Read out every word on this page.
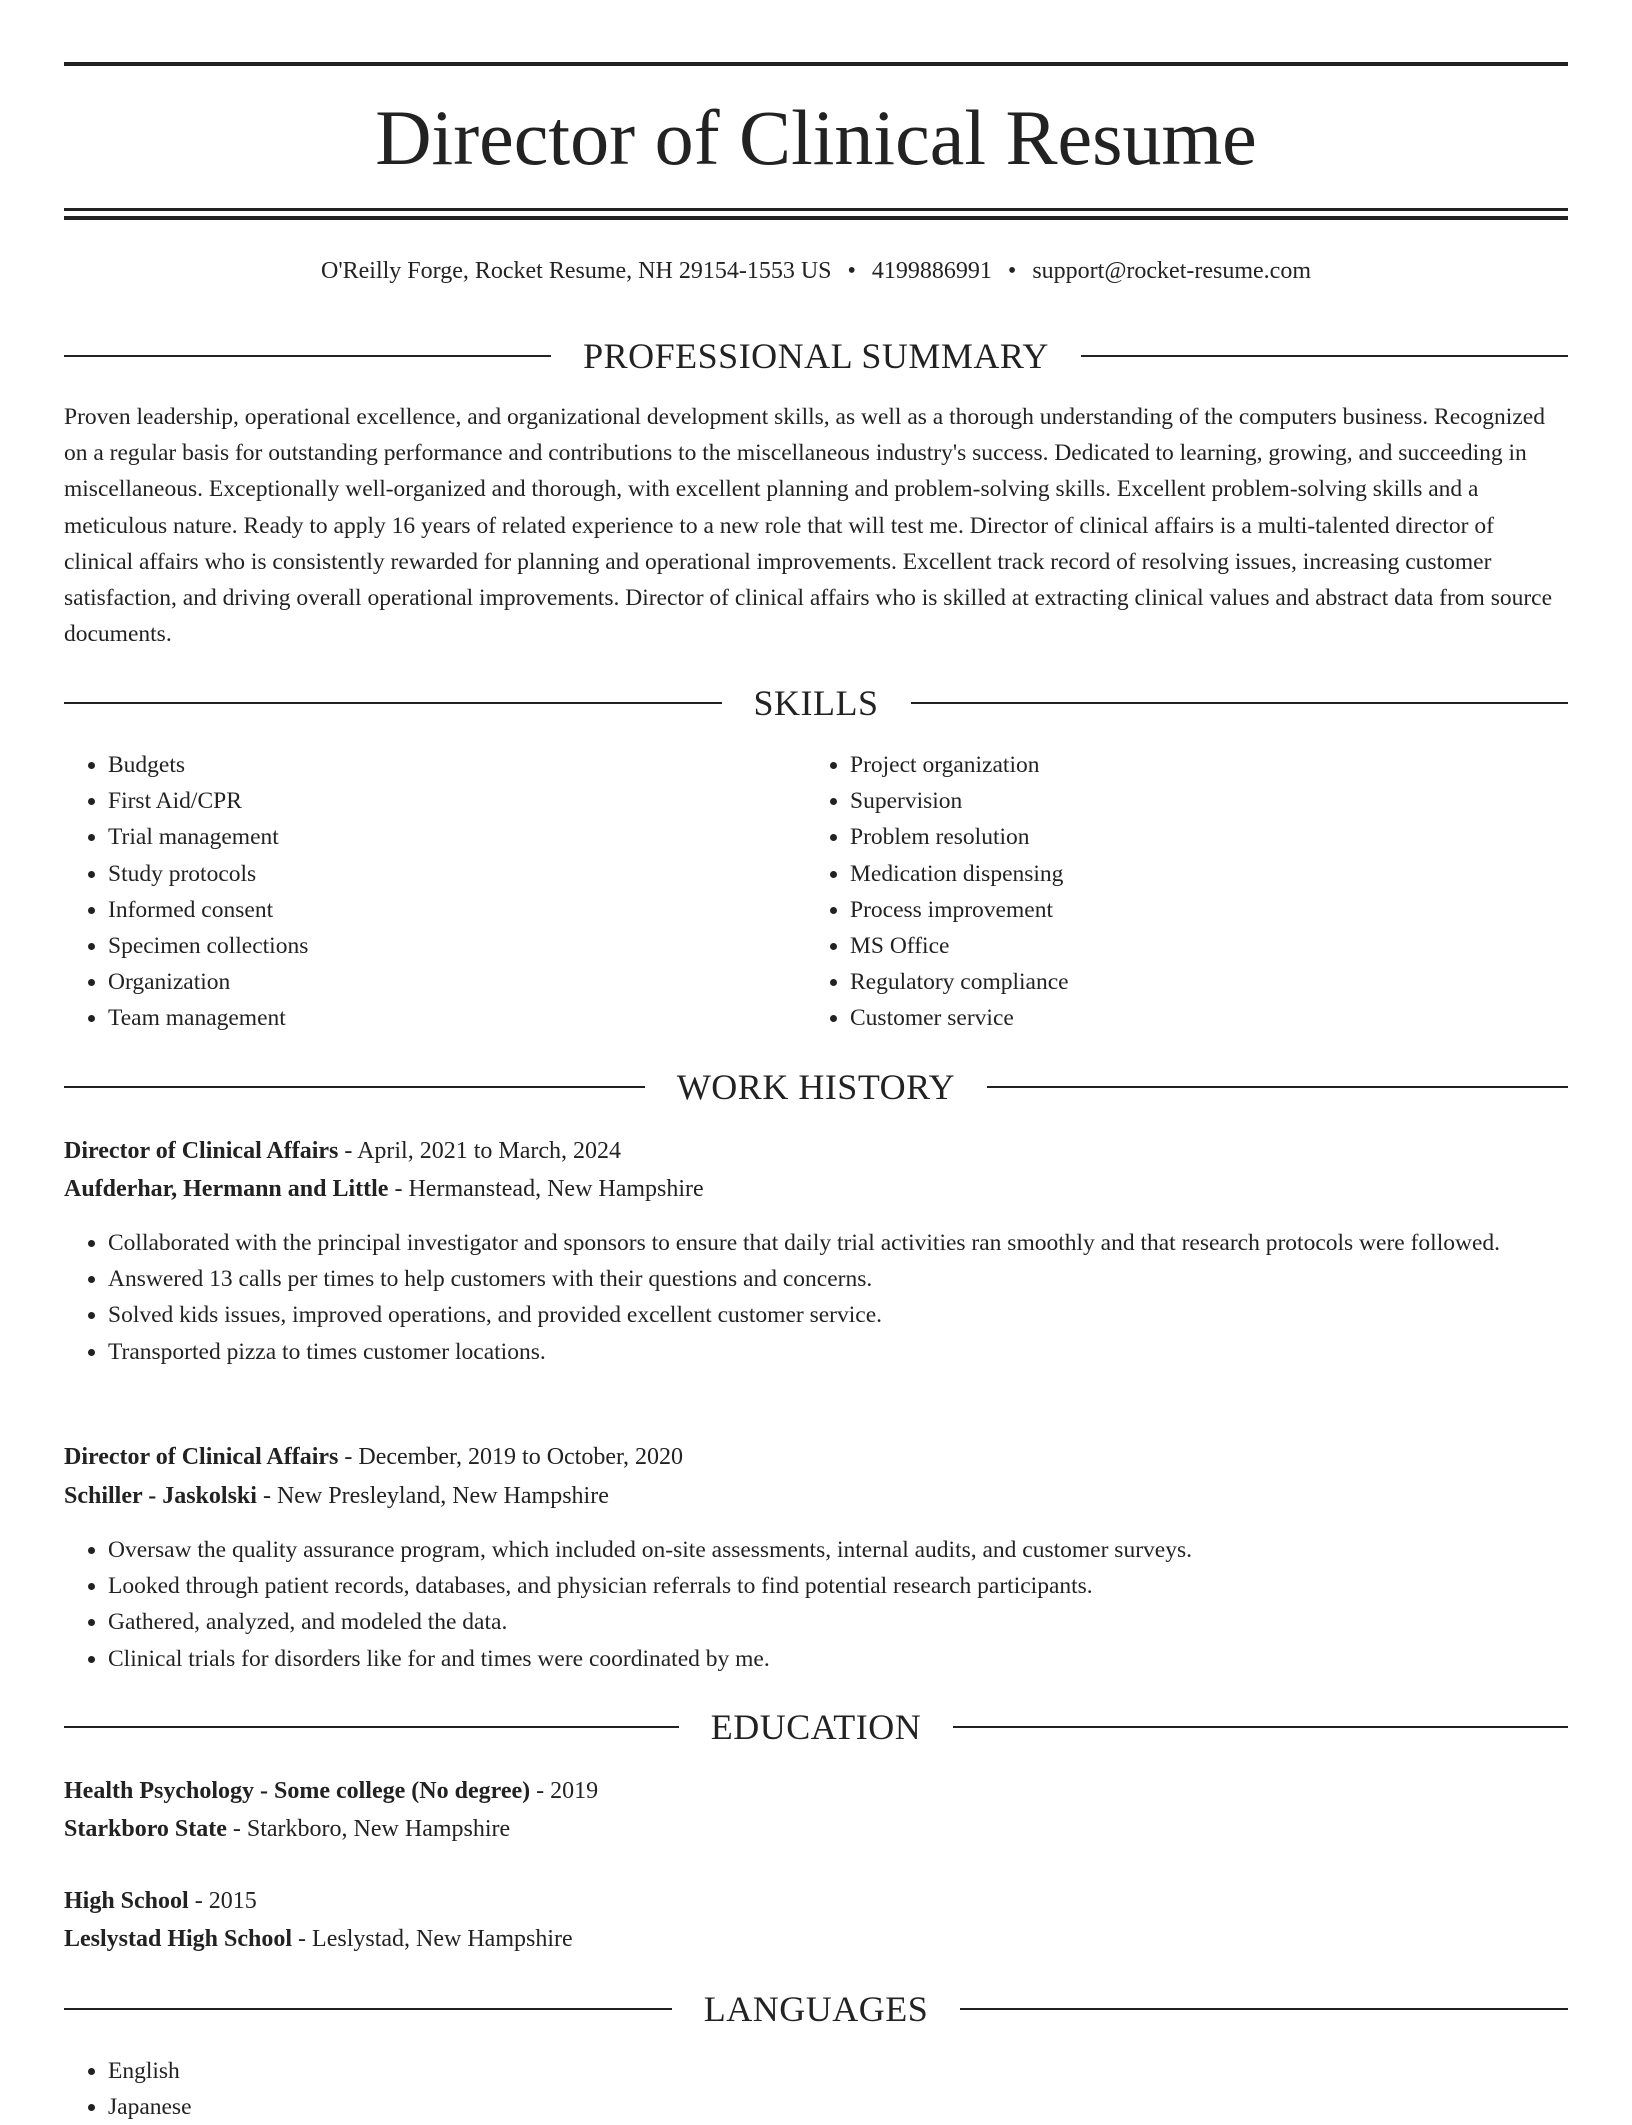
Director of Clinical Resume
O'Reilly Forge, Rocket Resume, NH 29154-1553 US • 4199886991 • support@rocket-resume.com
PROFESSIONAL SUMMARY

Proven leadership, operational excellence, and organizational development skills, as well as a thorough understanding of the computers business. Recognized on a regular basis for outstanding performance and contributions to the miscellaneous industry's success. Dedicated to learning, growing, and succeeding in miscellaneous. Exceptionally well-organized and thorough, with excellent planning and problem-solving skills. Excellent problem-solving skills and a meticulous nature. Ready to apply 16 years of related experience to a new role that will test me. Director of clinical affairs is a multi-talented director of clinical affairs who is consistently rewarded for planning and operational improvements. Excellent track record of resolving issues, increasing customer satisfaction, and driving overall operational improvements. Director of clinical affairs who is skilled at extracting clinical values and abstract data from source documents.

SKILLS
• Budgets
• First Aid/CPR
• Trial management
• Study protocols
• Informed consent
• Specimen collections
• Organization
• Team management
• Project organization
• Supervision
• Problem resolution
• Medication dispensing
• Process improvement
• MS Office
• Regulatory compliance
• Customer service
WORK HISTORY
Director of Clinical Affairs - April, 2021 to March, 2024
Aufderhar, Hermann and Little - Hermanstead, New Hampshire
• Collaborated with the principal investigator and sponsors to ensure that daily trial activities ran smoothly and that research protocols were followed.
• Answered 13 calls per times to help customers with their questions and concerns.
• Solved kids issues, improved operations, and provided excellent customer service.
• Transported pizza to times customer locations.
Director of Clinical Affairs - December, 2019 to October, 2020
Schiller - Jaskolski - New Presleyland, New Hampshire
• Oversaw the quality assurance program, which included on-site assessments, internal audits, and customer surveys.
• Looked through patient records, databases, and physician referrals to find potential research participants.
• Gathered, analyzed, and modeled the data.
• Clinical trials for disorders like for and times were coordinated by me.
EDUCATION
Health Psychology - Some college (No degree) - 2019
Starkboro State - Starkboro, New Hampshire
High School - 2015
Leslystad High School - Leslystad, New Hampshire
LANGUAGES
• English
• Japanese
